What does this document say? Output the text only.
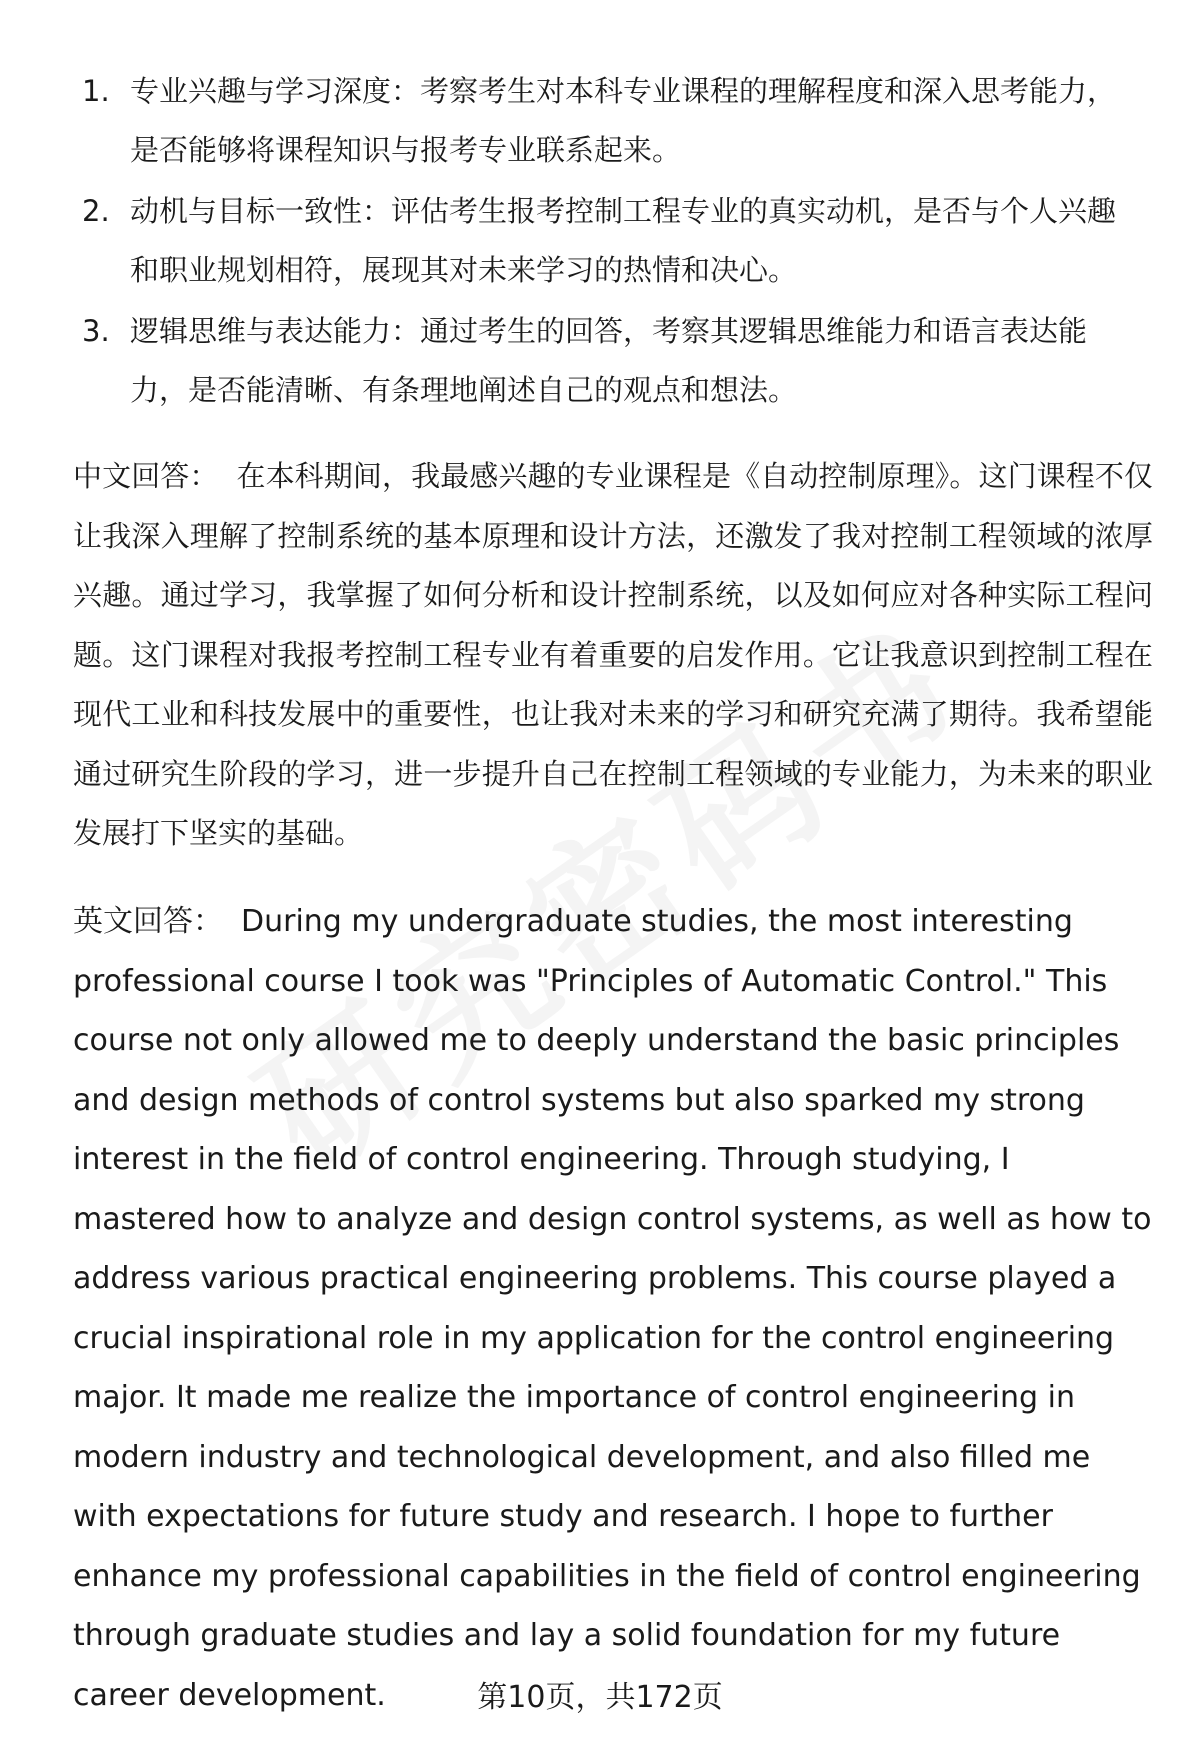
1. 专业兴趣与学习深度：考察考生对本科专业课程的理解程度和深入思考能力，是否能够将课程知识与报考专业联系起来。
2. 动机与目标一致性：评估考生报考控制工程专业的真实动机，是否与个人兴趣和职业规划相符，展现其对未来学习的热情和决心。
3. 逻辑思维与表达能力：通过考生的回答，考察其逻辑思维能力和语言表达能力，是否能清晰、有条理地阐述自己的观点和想法。

中文回答： 在本科期间，我最感兴趣的专业课程是《自动控制原理》。这门课程不仅让我深入理解了控制系统的基本原理和设计方法，还激发了我对控制工程领域的浓厚兴趣。通过学习，我掌握了如何分析和设计控制系统，以及如何应对各种实际工程问题。这门课程对我报考控制工程专业有着重要的启发作用。它让我意识到控制工程在现代工业和科技发展中的重要性，也让我对未来的学习和研究充满了期待。我希望能通过研究生阶段的学习，进一步提升自己在控制工程领域的专业能力，为未来的职业发展打下坚实的基础。

英文回答： During my undergraduate studies, the most interesting professional course I took was "Principles of Automatic Control." This course not only allowed me to deeply understand the basic principles and design methods of control systems but also sparked my strong interest in the field of control engineering. Through studying, I mastered how to analyze and design control systems, as well as how to address various practical engineering problems. This course played a crucial inspirational role in my application for the control engineering major. It made me realize the importance of control engineering in modern industry and technological development, and also filled me with expectations for future study and research. I hope to further enhance my professional capabilities in the field of control engineering through graduate studies and lay a solid foundation for my future career development.	第10页，共172页
